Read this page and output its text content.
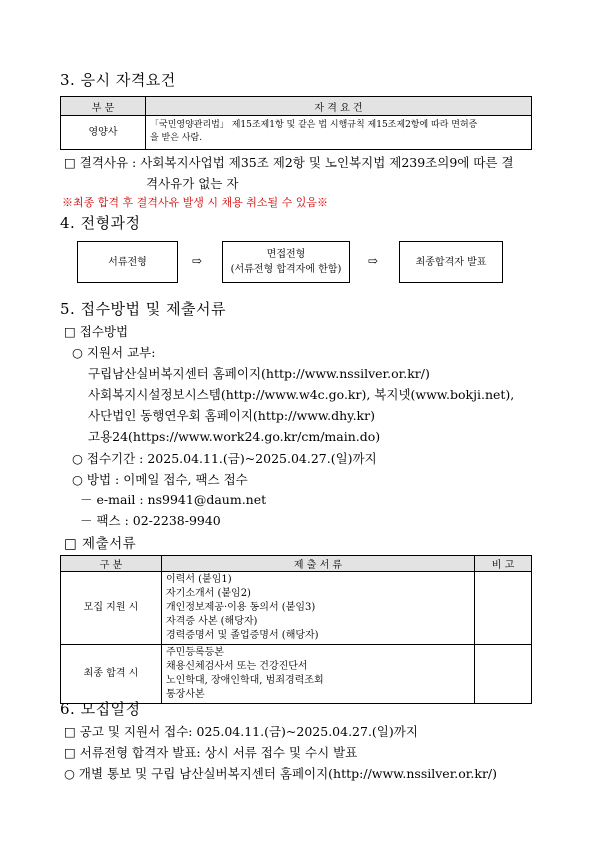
3. 응시 자격요건
부 문	자 격 요 건
영양사	「국민영양관리법」 제15조제1항 및 같은 법 시행규칙 제15조제2항에 따라 면허증
을 받은 사람.
□ 결격사유 : 사회복지사업법 제35조 제2항 및 노인복지법 제239조의9에 따른 결
격사유가 없는 자
※최종 합격 후 결격사유 발생 시 채용 취소될 수 있음※
4. 전형과정
서류전형	⇨	면접전형
(서류전형 합격자에 한함)
⇨	최종합격자 발표
5. 접수방법 및 제출서류
□ 접수방법
○ 지원서 교부:
구립남산실버복지센터 홈페이지(http://www.nssilver.or.kr/)
사회복지시설정보시스템(http://www.w4c.go.kr), 복지넷(www.bokji.net),
사단법인 동행연우회 홈페이지(http://www.dhy.kr)
고용24(https://www.work24.go.kr/cm/main.do)
○ 접수기간 : 2025.04.11.(금)~2025.04.27.(일)까지
○ 방법 : 이메일 접수, 팩스 접수
－ e-mail : ns9941@daum.net
－ 팩스 : 02-2238-9940
□ 제출서류
구 분	제 출 서 류	비 고
모집 지원 시	이력서 (붙임1)
자기소개서 (붙임2)
개인정보제공·이용 동의서 (붙임3)
자격증 사본 (해당자)
경력증명서 및 졸업증명서 (해당자)	

최종 합격 시	주민등록등본
채용신체검사서 또는 건강진단서
노인학대, 장애인학대, 범죄경력조회
통장사본	

6. 모집일정
□ 공고 및 지원서 접수: 025.04.11.(금)~2025.04.27.(일)까지
□ 서류전형 합격자 발표: 상시 서류 접수 및 수시 발표
○ 개별 통보 및 구립 남산실버복지센터 홈페이지(http://www.nssilver.or.kr/)
